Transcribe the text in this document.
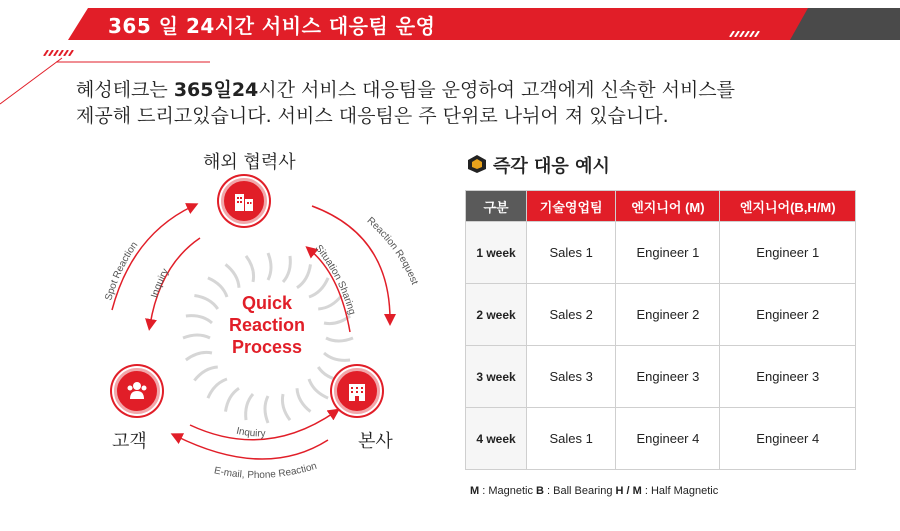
365 일 24시간 서비스 대응팀 운영
혜성테크는 365일24시간 서비스 대응팀을 운영하여 고객에게 신속한 서비스를
제공해 드리고있습니다. 서비스 대응팀은 주 단위로 나뉘어 져 있습니다.
Spot Reaction
Inquiry
Reaction Request
Situation Sharing
Inquiry
E-mail, Phone Reaction
Quick
Reaction
Process
해외 협력사
고객	본사
즉각 대응 예시
구분	기술영업팀	엔지니어 (M)	엔지니어(B,H/M)
1 week	Sales 1	Engineer 1	Engineer 1
2 week	Sales 2	Engineer 2	Engineer 2
3 week	Sales 3	Engineer 3	Engineer 3
4 week	Sales 1	Engineer 4	Engineer 4
M : Magnetic B : Ball Bearing H / M : Half Magnetic
